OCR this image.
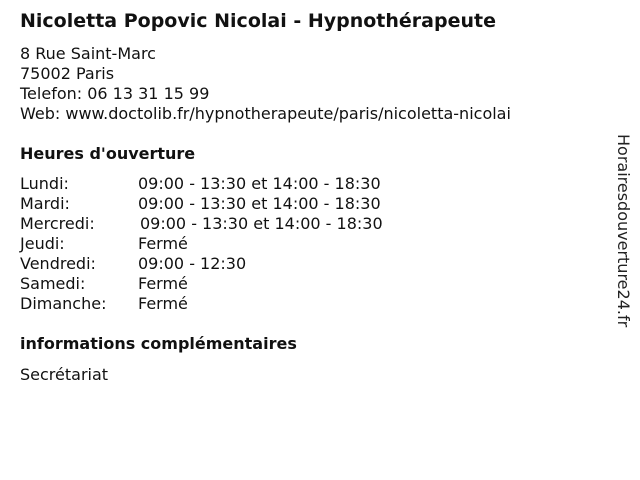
Nicoletta Popovic Nicolai - Hypnothérapeute
8 Rue Saint-Marc
75002 Paris
Telefon: 06 13 31 15 99
Web: www.doctolib.fr/hypnotherapeute/paris/nicoletta-nicolai
Heures d'ouverture
Lundi:	09:00 - 13:30 et 14:00 - 18:30
Mardi:	09:00 - 13:30 et 14:00 - 18:30
Mercredi:	09:00 - 13:30 et 14:00 - 18:30
Jeudi:	Fermé
Vendredi:	09:00 - 12:30
Samedi:	Fermé
Dimanche: Fermé
informations complémentaires
Secrétariat
Horairesdouverture24.fr
